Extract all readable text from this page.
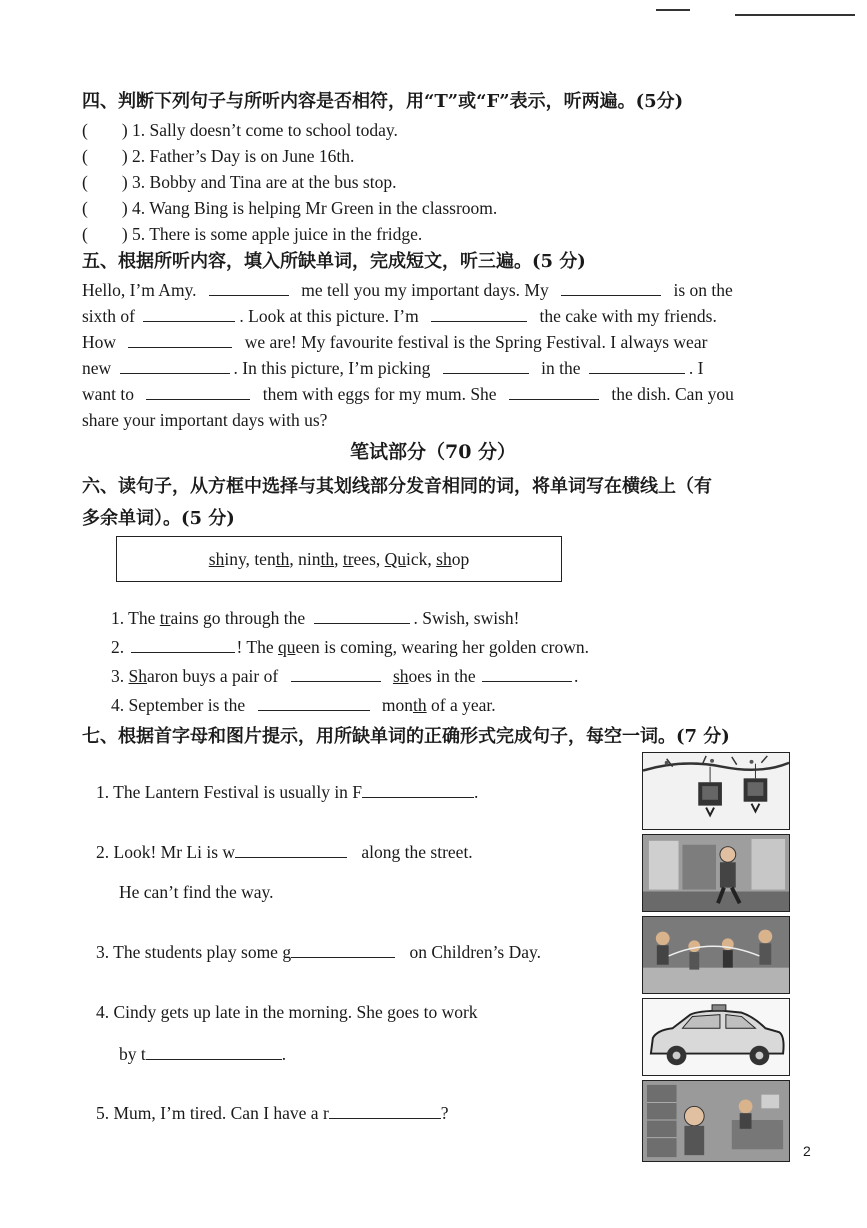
四、判断下列句子与所听内容是否相符，用“T”或“F”表示，听两遍。(5分)
( ) 1. Sally doesn’t come to school today.
( ) 2. Father’s Day is on June 16th.
( ) 3. Bobby and Tina are at the bus stop.
( ) 4. Wang Bing is helping Mr Green in the classroom.
( ) 5. There is some apple juice in the fridge.
五、根据所听内容，填入所缺单词，完成短文，听三遍。(5 分)
Hello, I’m Amy.	me tell you my important days. My	is on the
sixth of	. Look at this picture. I’m	the cake with my friends.
How	we are! My favourite festival is the Spring Festival. I always wear
new	. In this picture, I’m picking	in the	. I
want to	them with eggs for my mum. She	the dish. Can you
share your important days with us?
笔试部分（70 分）
六、读句子，从方框中选择与其划线部分发音相同的词，将单词写在横线上（有
多余单词）。(5 分)
shiny, tenth, ninth, trees, Quick, shop
1. The trains go through the	. Swish, swish!
2.	! The queen is coming, wearing her golden crown.
3. Sharon buys a pair of	shoes in the	.
4. September is the	month of a year.
七、根据首字母和图片提示，用所缺单词的正确形式完成句子，每空一词。(7 分)
1. The Lantern Festival is usually in F	.
2. Look! Mr Li is w	along the street.
He can’t find the way.
3. The students play some g	on Children’s Day.
4. Cindy gets up late in the morning. She goes to work
by t	.
5. Mum, I’m tired. Can I have a r	?
2
